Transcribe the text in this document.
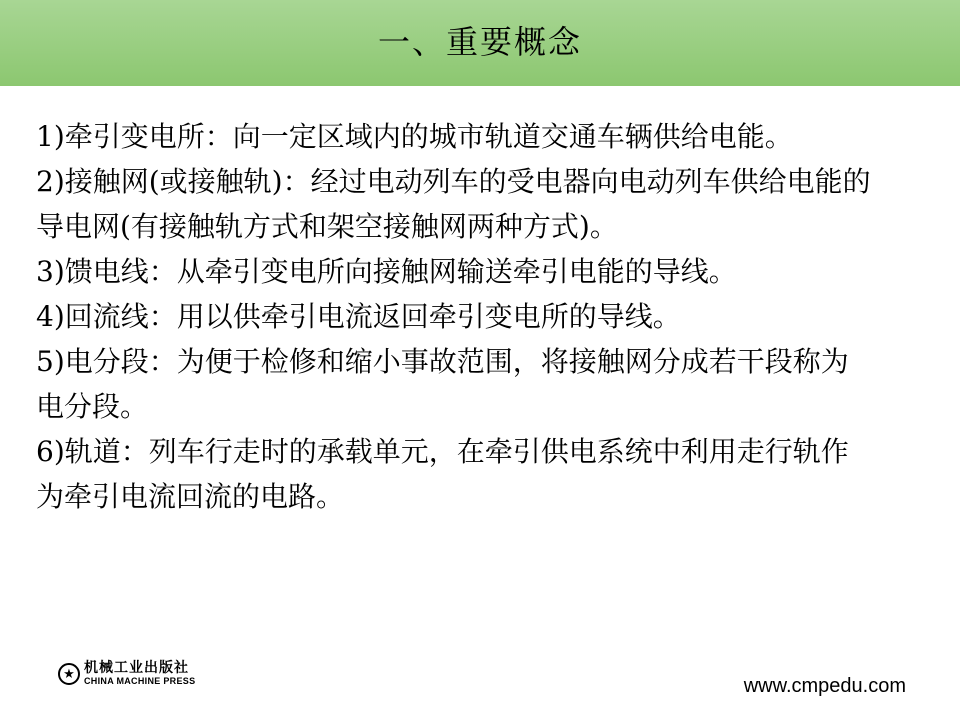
一、重要概念
1)牵引变电所：向一定区域内的城市轨道交通车辆供给电能。
2)接触网(或接触轨)：经过电动列车的受电器向电动列车供给电能的
导电网(有接触轨方式和架空接触网两种方式)。
3)馈电线：从牵引变电所向接触网输送牵引电能的导线。
4)回流线：用以供牵引电流返回牵引变电所的导线。
5)电分段：为便于检修和缩小事故范围，将接触网分成若干段称为
电分段。
6)轨道：列车行走时的承载单元，在牵引供电系统中利用走行轨作
为牵引电流回流的电路。
★ 机械工业出版社
CHINA MACHINE PRESS	www.cmpedu.com
